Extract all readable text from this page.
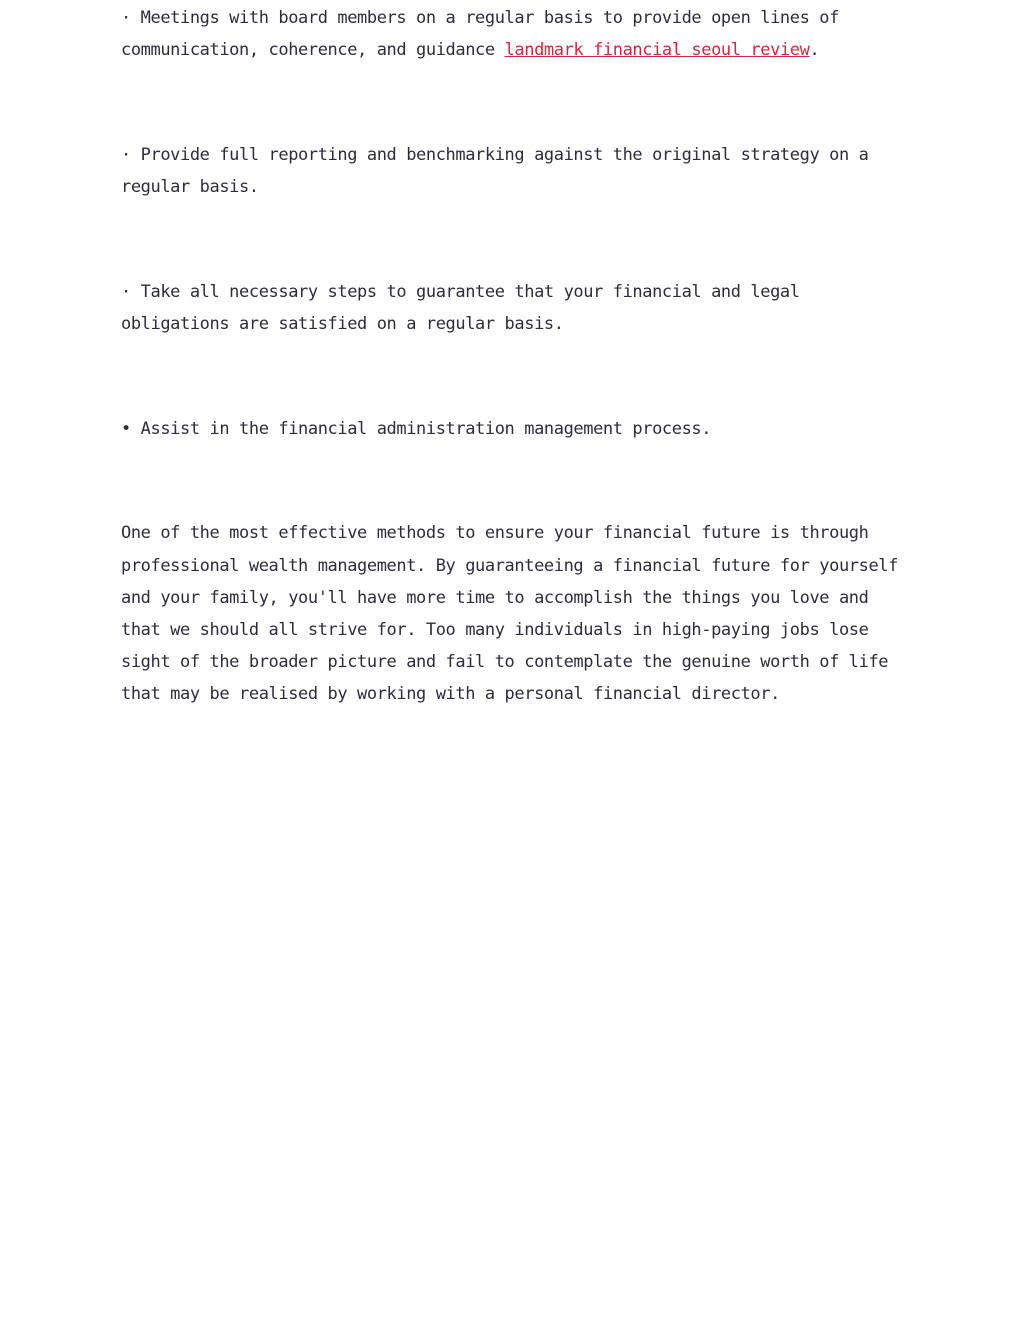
· Meetings with board members on a regular basis to provide open lines of communication, coherence, and guidance landmark financial seoul review.

· Provide full reporting and benchmarking against the original strategy on a regular basis.

· Take all necessary steps to guarantee that your financial and legal obligations are satisfied on a regular basis.

• Assist in the financial administration management process.

One of the most effective methods to ensure your financial future is through professional wealth management. By guaranteeing a financial future for yourself and your family, you'll have more time to accomplish the things you love and that we should all strive for. Too many individuals in high-paying jobs lose sight of the broader picture and fail to contemplate the genuine worth of life that may be realised by working with a personal financial director.
